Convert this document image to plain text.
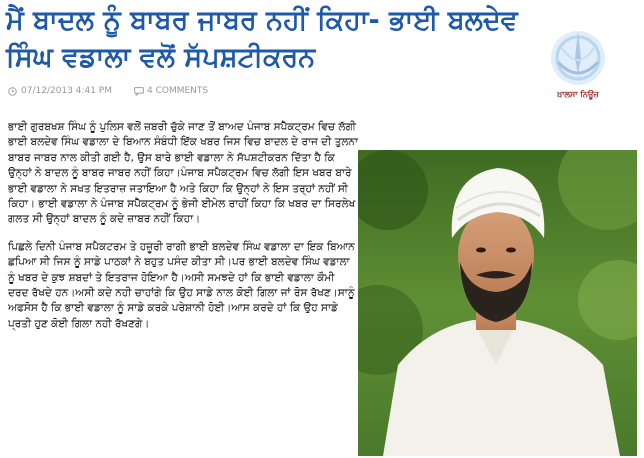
ਮੈਂ ਬਾਦਲ ਨੂੰ ਬਾਬਰ ਜਾਬਰ ਨਹੀਂ ਕਿਹਾ- ਭਾਈ ਬਲਦੇਵ ਸਿੰਘ ਵਡਾਲਾ ਵਲੋਂ ਸੱਪਸ਼ਟੀਕਰਨ
07/12/2013 4:41 PM	4 COMMENTS	ਖ਼ਾਲਸਾ ਨਿਊਜ਼

ਭਾਈ ਗੁਰਬਖਸ਼ ਸਿੰਘ ਨੂੰ ਪੁਲਿਸ ਵਲੋਂ ਜ਼ਬਰੀ ਚੁੱਕੇ ਜਾਣ ਤੋਂ ਬਾਅਦ ਪੰਜਾਬ ਸਪੈੱਕਟ੍ਰਮ ਵਿਚ ਲੱਗੀ ਭਾਈ ਬਲਦੇਵ ਸਿੰਘ ਵਡਾਲਾ ਦੇ ਬਿਆਨ ਸੰਬੰਧੀ ਇੱਕ ਖਬਰ ਜਿਸ ਵਿਚ ਬਾਦਲ ਦੇ ਰਾਜ ਦੀ ਤੁਲਨਾ ਬਾਬਰ ਜਾਬਰ ਨਾਲ ਕੀਤੀ ਗਈ ਹੈ, ਉਸ ਬਾਰੇ ਭਾਈ ਵਡਾਲਾ ਨੇ ਸੱਪਸ਼ਟੀਕਰਨ ਦਿੱਤਾ ਹੈ ਕਿ ਉਨ੍ਹਾਂ ਨੇ ਬਾਦਲ ਨੂੰ ਬਾਬਰ ਜਾਬਰ ਨਹੀਂ ਕਿਹਾ।ਪੰਜਾਬ ਸਪੈਕਟ੍ਰਮ ਵਿਚ ਲੱਗੀ ਇਸ ਖਬਰ ਬਾਰੇ ਭਾਈ ਵਡਾਲਾ ਨੇ ਸਖਤ ਇਤਰਾਜ਼ ਜਤਾਇਆ ਹੈ ਅਤੇ ਕਿਹਾ ਕਿ ਉਨ੍ਹਾਂ ਨੇ ਇਸ ਤਰ੍ਹਾਂ ਨਹੀਂ ਸੀ ਕਿਹਾ। ਭਾਈ ਵਡਾਲਾ ਨੇ ਪੰਜਾਬ ਸਪੈੱਕਟ੍ਰਮ ਨੂੰ ਭੇਜੀ ਈਮੇਲ ਰਾਹੀਂ ਕਿਹਾ ਕਿ ਖਬਰ ਦਾ ਸਿਰਲੇਖ ਗਲਤ ਸੀ ਉਨ੍ਹਾਂ ਬਾਦਲ ਨੂੰ ਕਦੇ ਜ਼ਾਬਰ ਨਹੀਂ ਕਿਹਾ।

ਪਿਛਲੇ ਦਿਨੀ ਪੰਜਾਬ ਸਪੈਕਟਰਮ ਤੇ ਹਜ਼ੂਰੀ ਰਾਗੀ ਭਾਈ ਬਲਦੇਵ ਸਿੰਘ ਵਡਾਲਾ ਦਾ ਇਕ ਬਿਆਨ ਛਪਿਆ ਸੀ ਜਿਸ ਨੂੰ ਸਾਡੇ ਪਾਠਕਾਂ ਨੇ ਬਹੁਤ ਪਸੰਦ ਕੀਤਾ ਸੀ।ਪਰ ਭਾਈ ਬਲਦੇਵ ਸਿੰਘ ਵਡਾਲਾ ਨੂੰ ਖਬਰ ਦੇ ਕੁਝ ਸ਼ਬਦਾਂ ਤੇ ਇਤਰਾਜ ਹੋਇਆ ਹੈ।ਅਸੀ ਸਮਝਦੇ ਹਾਂ ਕਿ ਭਾਈ ਵਡਾਲਾ ਕੌਮੀ ਦਰਦ ਰੱਖਦੇ ਹਨ।ਅਸੀ ਕਦੇ ਨਹੀ ਚਾਹਾਂਗੇ ਕਿ ਉਹ ਸਾਡੇ ਨਾਲ ਕੋਈ ਗਿਲਾ ਜਾਂ ਰੋਸ ਰੱਖਣ।ਸਾਨੂੰ ਅਫਸੋਸ ਹੈ ਕਿ ਭਾਈ ਵਡਾਲਾ ਨੂੰ ਸਾਡੇ ਕਰਕੇ ਪਰੇਸ਼ਾਨੀ ਹੋਈ।ਆਸ ਕਰਦੇ ਹਾਂ ਕਿ ਉਹ ਸਾਡੇ ਪ੍ਰਤੀ ਹੁਣ ਕੋਈ ਗਿਲਾ ਨਹੀ ਰੱਖਣਗੇ।
